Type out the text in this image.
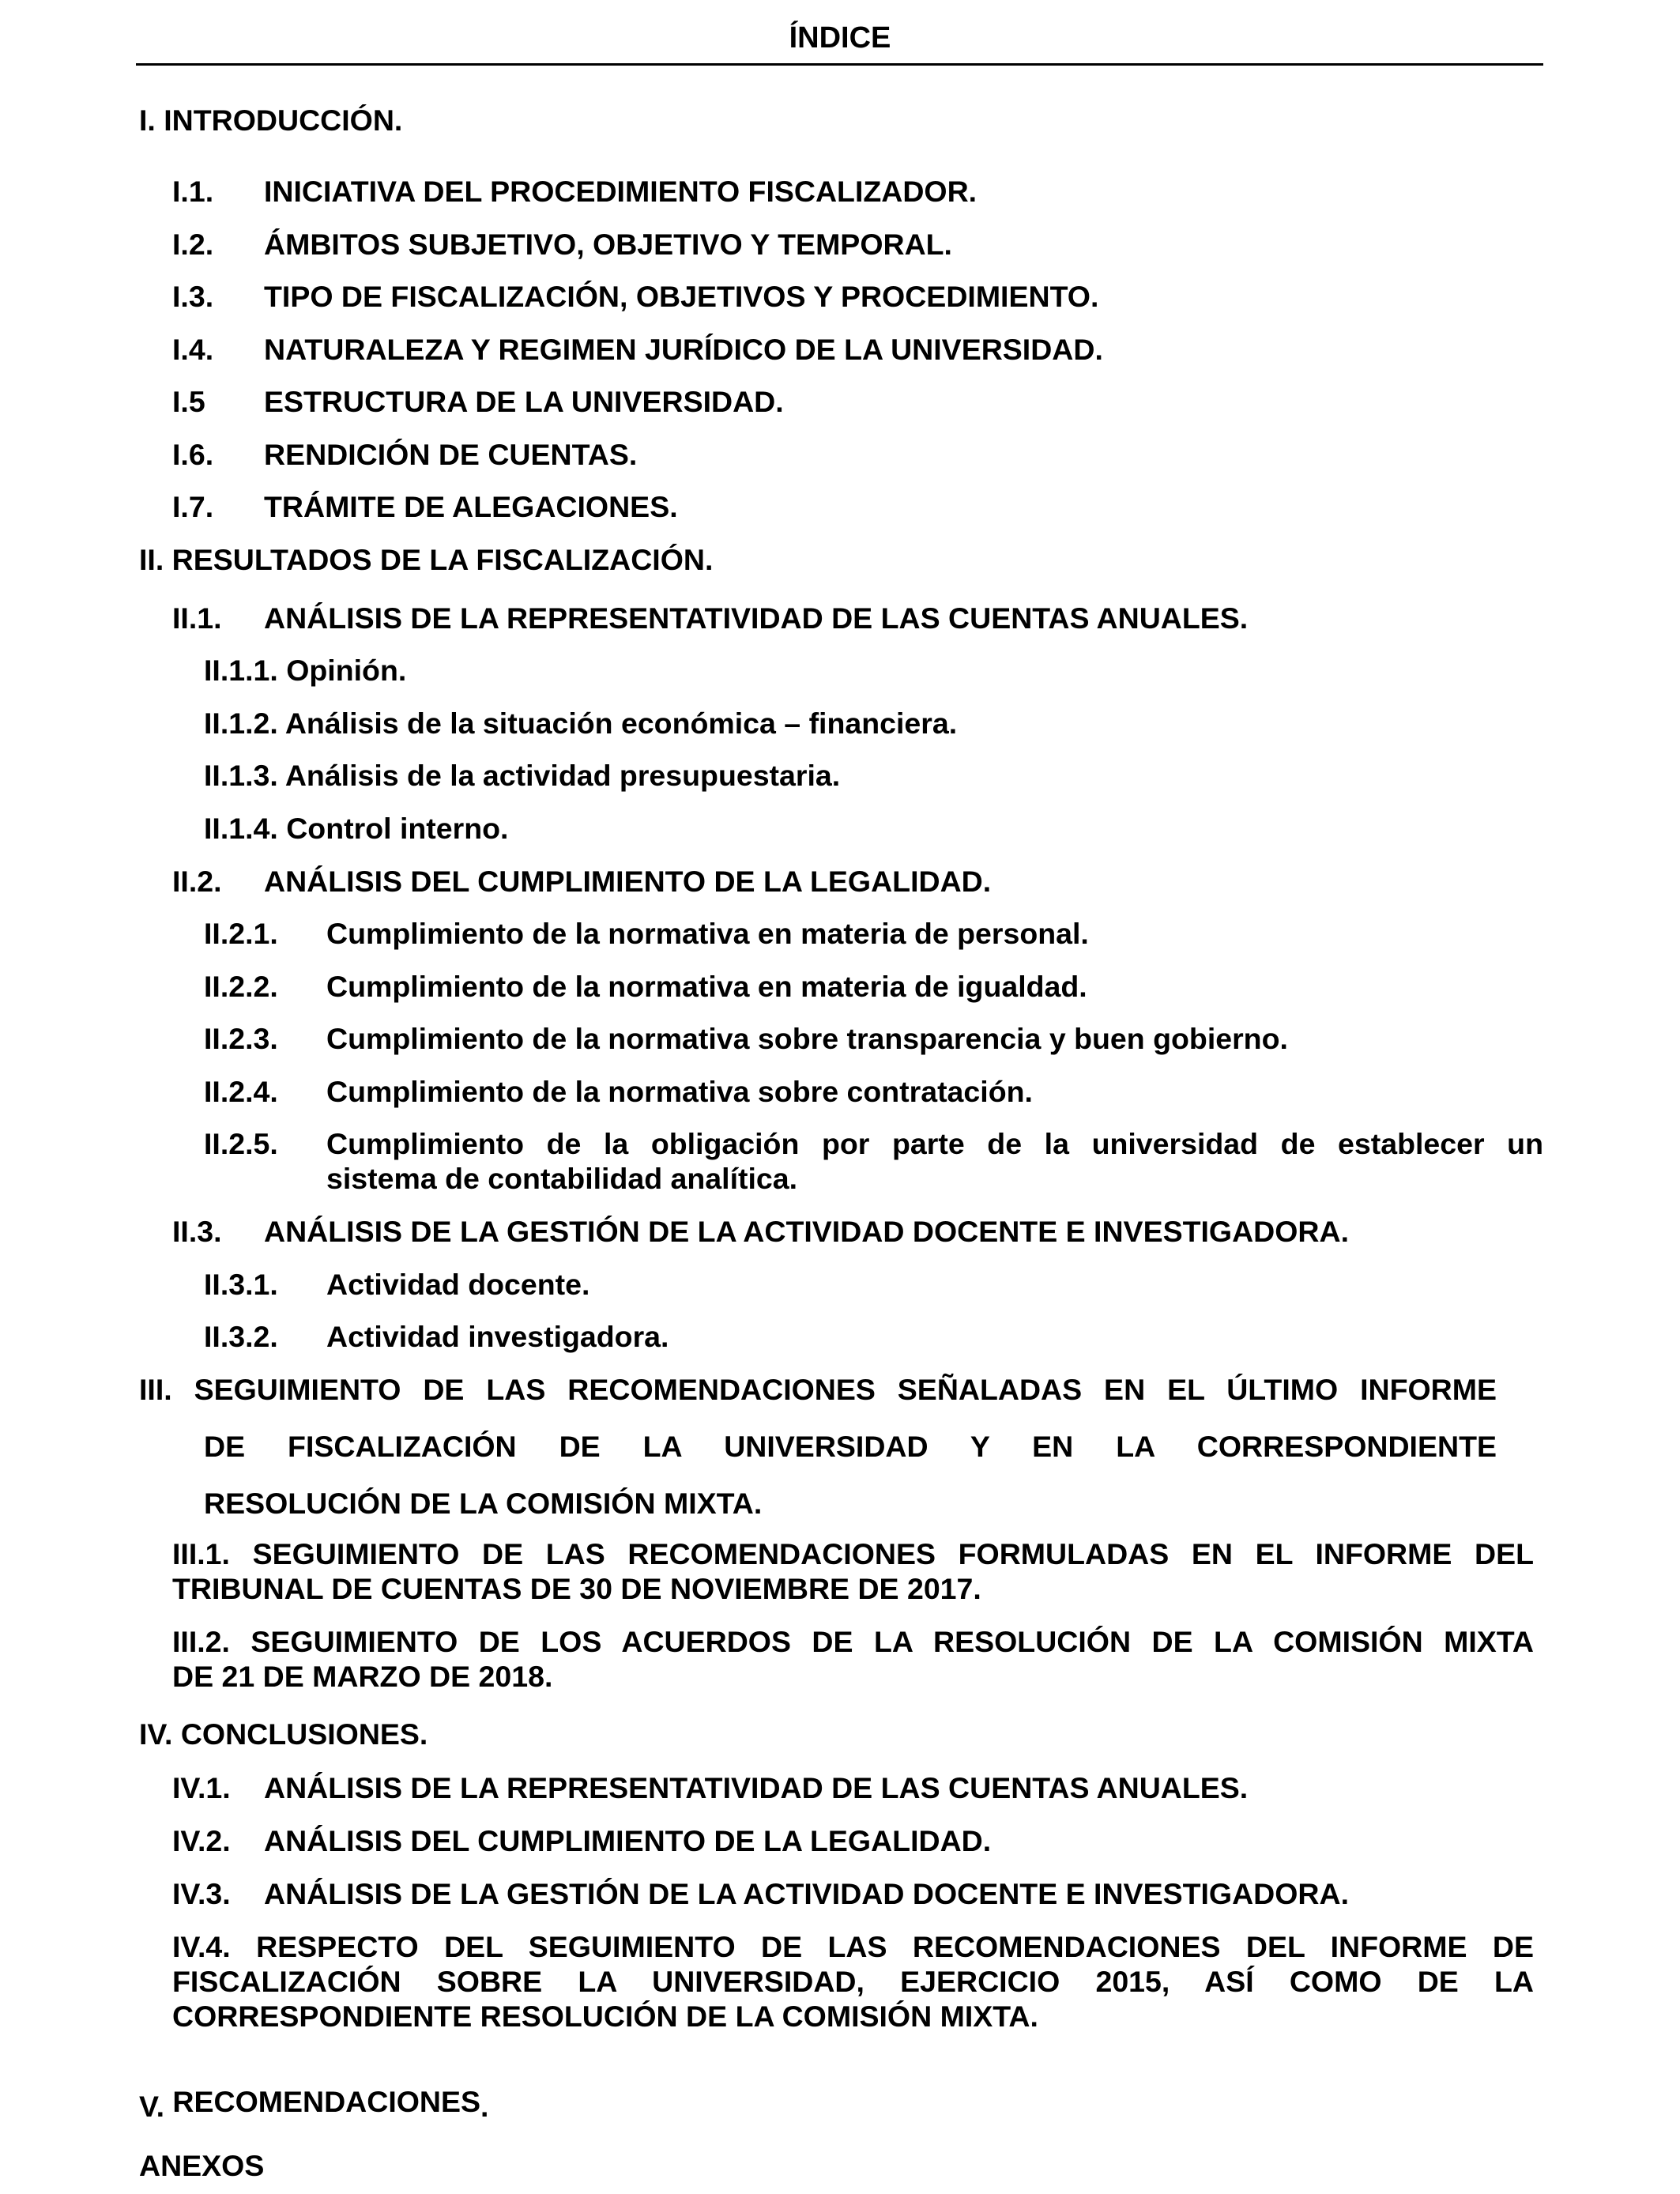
ÍNDICE
I. INTRODUCCIÓN.
I.1. INICIATIVA DEL PROCEDIMIENTO FISCALIZADOR.
I.2. ÁMBITOS SUBJETIVO, OBJETIVO Y TEMPORAL.
I.3. TIPO DE FISCALIZACIÓN, OBJETIVOS Y PROCEDIMIENTO.
I.4. NATURALEZA Y REGIMEN JURÍDICO DE LA UNIVERSIDAD.
I.5 ESTRUCTURA DE LA UNIVERSIDAD.
I.6. RENDICIÓN DE CUENTAS.
I.7. TRÁMITE DE ALEGACIONES.
II. RESULTADOS DE LA FISCALIZACIÓN.
II.1. ANÁLISIS DE LA REPRESENTATIVIDAD DE LAS CUENTAS ANUALES.
II.1.1. Opinión.
II.1.2. Análisis de la situación económica – financiera.
II.1.3. Análisis de la actividad presupuestaria.
II.1.4. Control interno.
II.2. ANÁLISIS DEL CUMPLIMIENTO DE LA LEGALIDAD.
II.2.1. Cumplimiento de la normativa en materia de personal.
II.2.2. Cumplimiento de la normativa en materia de igualdad.
II.2.3. Cumplimiento de la normativa sobre transparencia y buen gobierno.
II.2.4. Cumplimiento de la normativa sobre contratación.
II.2.5. Cumplimiento de la obligación por parte de la universidad de establecer un
sistema de contabilidad analítica.
II.3. ANÁLISIS DE LA GESTIÓN DE LA ACTIVIDAD DOCENTE E INVESTIGADORA.
II.3.1. Actividad docente.
II.3.2. Actividad investigadora.
III. SEGUIMIENTO DE LAS RECOMENDACIONES SEÑALADAS EN EL ÚLTIMO INFORME
DE FISCALIZACIÓN DE LA UNIVERSIDAD Y EN LA CORRESPONDIENTE
RESOLUCIÓN DE LA COMISIÓN MIXTA.
III.1. SEGUIMIENTO DE LAS RECOMENDACIONES FORMULADAS EN EL INFORME DEL
TRIBUNAL DE CUENTAS DE 30 DE NOVIEMBRE DE 2017.
III.2. SEGUIMIENTO DE LOS ACUERDOS DE LA RESOLUCIÓN DE LA COMISIÓN MIXTA
DE 21 DE MARZO DE 2018.
IV. CONCLUSIONES.
IV.1. ANÁLISIS DE LA REPRESENTATIVIDAD DE LAS CUENTAS ANUALES.
IV.2. ANÁLISIS DEL CUMPLIMIENTO DE LA LEGALIDAD.
IV.3. ANÁLISIS DE LA GESTIÓN DE LA ACTIVIDAD DOCENTE E INVESTIGADORA.
IV.4. RESPECTO DEL SEGUIMIENTO DE LAS RECOMENDACIONES DEL INFORME DE
FISCALIZACIÓN SOBRE LA UNIVERSIDAD, EJERCICIO 2015, ASÍ COMO DE LA
CORRESPONDIENTE RESOLUCIÓN DE LA COMISIÓN MIXTA.
V. RECOMENDACIONES.
ANEXOS
